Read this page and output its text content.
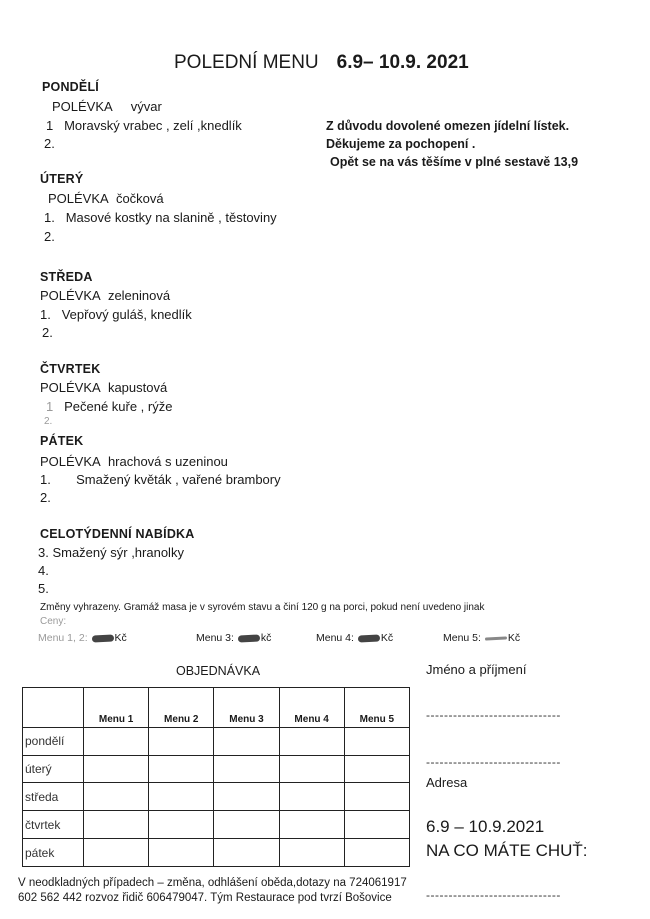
POLEDNÍ MENU 6.9– 10.9. 2021
PONDĚLÍ
POLÉVKA vývar
1 Moravský vrabec , zelí ,knedlík
2.
Z důvodu dovolené omezen jídelní lístek.
Děkujeme za pochopení .
Opět se na vás těšíme v plné sestavě 13,9
ÚTERÝ
POLÉVKA čočková
1. Masové kostky na slanině , těstoviny
2.
STŘEDA
POLÉVKA zeleninová
1. Vepřový guláš, knedlík
2.
ČTVRTEK
POLÉVKA kapustová
1 Pečené kuře , rýže
2.
PÁTEK
POLÉVKA hrachová s uzeninou
1. Smažený květák , vařené brambory
2.
CELOTÝDENNÍ NABÍDKA
3. Smažený sýr ,hranolky
4.
5.
Změny vyhrazeny. Gramáž masa je v syrovém stavu a činí 120 g na porci, pokud není uvedeno jinak
Ceny:
Menu 1, 2:	Kč	Menu 3:	kč	Menu 4:	Kč	Menu 5:	Kč
OBJEDNÁVKA
	Menu 1	Menu 2	Menu 3	Menu 4	Menu 5
pondělí					
úterý					
středa					
čtvrtek					
pátek					
Jméno a příjmení
------------------------------
------------------------------
Adresa
6.9 – 10.9.2021
NA CO MÁTE CHUŤ:
------------------------------
V neodkladných případech – změna, odhlášení oběda,dotazy na 724061917
602 562 442 rozvoz řidič 606479047. Tým Restaurace pod tvrzí Bošovice
